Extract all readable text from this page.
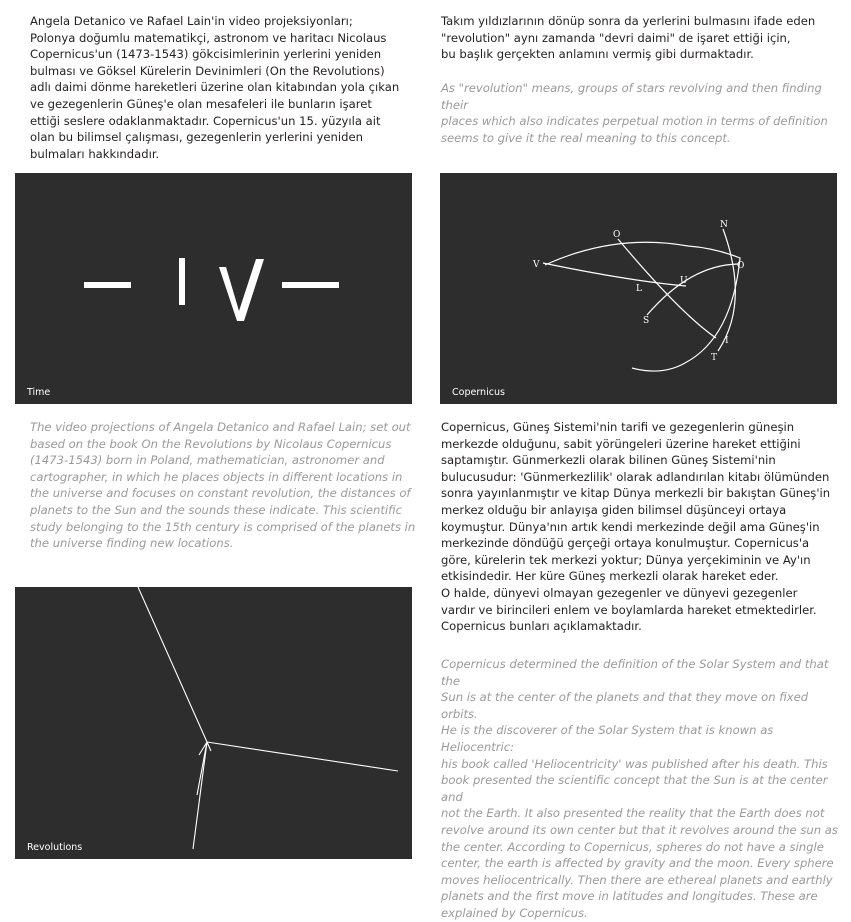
Angela Detanico ve Rafael Lain'in video projeksiyonları;
Polonya doğumlu matematikçi, astronom ve haritacı Nicolaus
Copernicus'un (1473-1543) gökcisimlerinin yerlerini yeniden
bulması ve Göksel Kürelerin Devinimleri (On the Revolutions)
adlı daimi dönme hareketleri üzerine olan kitabından yola çıkan
ve gezegenlerin Güneş'e olan mesafeleri ile bunların işaret
ettiği seslere odaklanmaktadır. Copernicus'un 15. yüzyıla ait
olan bu bilimsel çalışması, gezegenlerin yerlerini yeniden
bulmaları hakkındadır.
Takım yıldızlarının dönüp sonra da yerlerini bulmasını ifade eden
"revolution" aynı zamanda "devri daimi" de işaret ettiği için,
bu başlık gerçekten anlamını vermiş gibi durmaktadır.
As "revolution" means, groups of stars revolving and then finding their
places which also indicates perpetual motion in terms of definition
seems to give it the real meaning to this concept.
Time
O
N
O
V
L
U
S
I
T
Copernicus
The video projections of Angela Detanico and Rafael Lain; set out
based on the book On the Revolutions by Nicolaus Copernicus
(1473-1543) born in Poland, mathematician, astronomer and
cartographer, in which he places objects in different locations in
the universe and focuses on constant revolution, the distances of
planets to the Sun and the sounds these indicate. This scientific
study belonging to the 15th century is comprised of the planets in
the universe finding new locations.
Copernicus, Güneş Sistemi'nin tarifi ve gezegenlerin güneşin
merkezde olduğunu, sabit yörüngeleri üzerine hareket ettiğini
saptamıştır. Günmerkezli olarak bilinen Güneş Sistemi'nin
bulucusudur: 'Günmerkezlilik' olarak adlandırılan kitabı ölümünden
sonra yayınlanmıştır ve kitap Dünya merkezli bir bakıştan Güneş'in
merkez olduğu bir anlayışa giden bilimsel düşünceyi ortaya
koymuştur. Dünya'nın artık kendi merkezinde değil ama Güneş'in
merkezinde döndüğü gerçeği ortaya konulmuştur. Copernicus'a
göre, kürelerin tek merkezi yoktur; Dünya yerçekiminin ve Ay'ın
etkisindedir. Her küre Güneş merkezli olarak hareket eder.
O halde, dünyevi olmayan gezegenler ve dünyevi gezegenler
vardır ve birincileri enlem ve boylamlarda hareket etmektedirler.
Copernicus bunları açıklamaktadır.
Copernicus determined the definition of the Solar System and that the
Sun is at the center of the planets and that they move on fixed orbits.
He is the discoverer of the Solar System that is known as Heliocentric:
his book called 'Heliocentricity' was published after his death. This
book presented the scientific concept that the Sun is at the center and
not the Earth. It also presented the reality that the Earth does not
revolve around its own center but that it revolves around the sun as
the center. According to Copernicus, spheres do not have a single
center, the earth is affected by gravity and the moon. Every sphere
moves heliocentrically. Then there are ethereal planets and earthly
planets and the first move in latitudes and longitudes. These are
explained by Copernicus.
Revolutions
